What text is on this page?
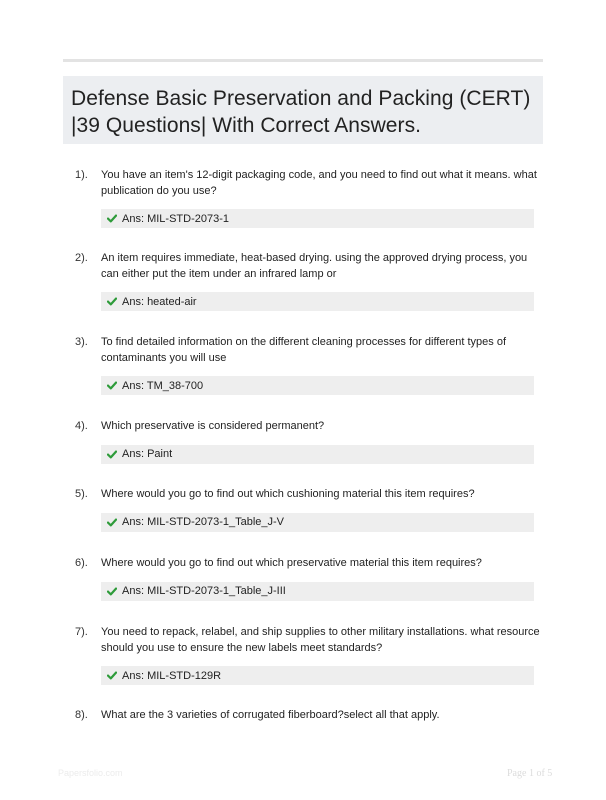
Defense Basic Preservation and Packing (CERT) |39 Questions| With Correct Answers.
1). You have an item's 12-digit packaging code, and you need to find out what it means. what publication do you use?
Ans: MIL-STD-2073-1
2). An item requires immediate, heat-based drying. using the approved drying process, you can either put the item under an infrared lamp or
Ans: heated-air
3). To find detailed information on the different cleaning processes for different types of contaminants you will use
Ans: TM_38-700
4). Which preservative is considered permanent?
Ans: Paint
5). Where would you go to find out which cushioning material this item requires?
Ans: MIL-STD-2073-1_Table_J-V
6). Where would you go to find out which preservative material this item requires?
Ans: MIL-STD-2073-1_Table_J-III
7). You need to repack, relabel, and ship supplies to other military installations. what resource should you use to ensure the new labels meet standards?
Ans: MIL-STD-129R
8). What are the 3 varieties of corrugated fiberboard?select all that apply.
Papersfolio.com	Page 1 of 5
